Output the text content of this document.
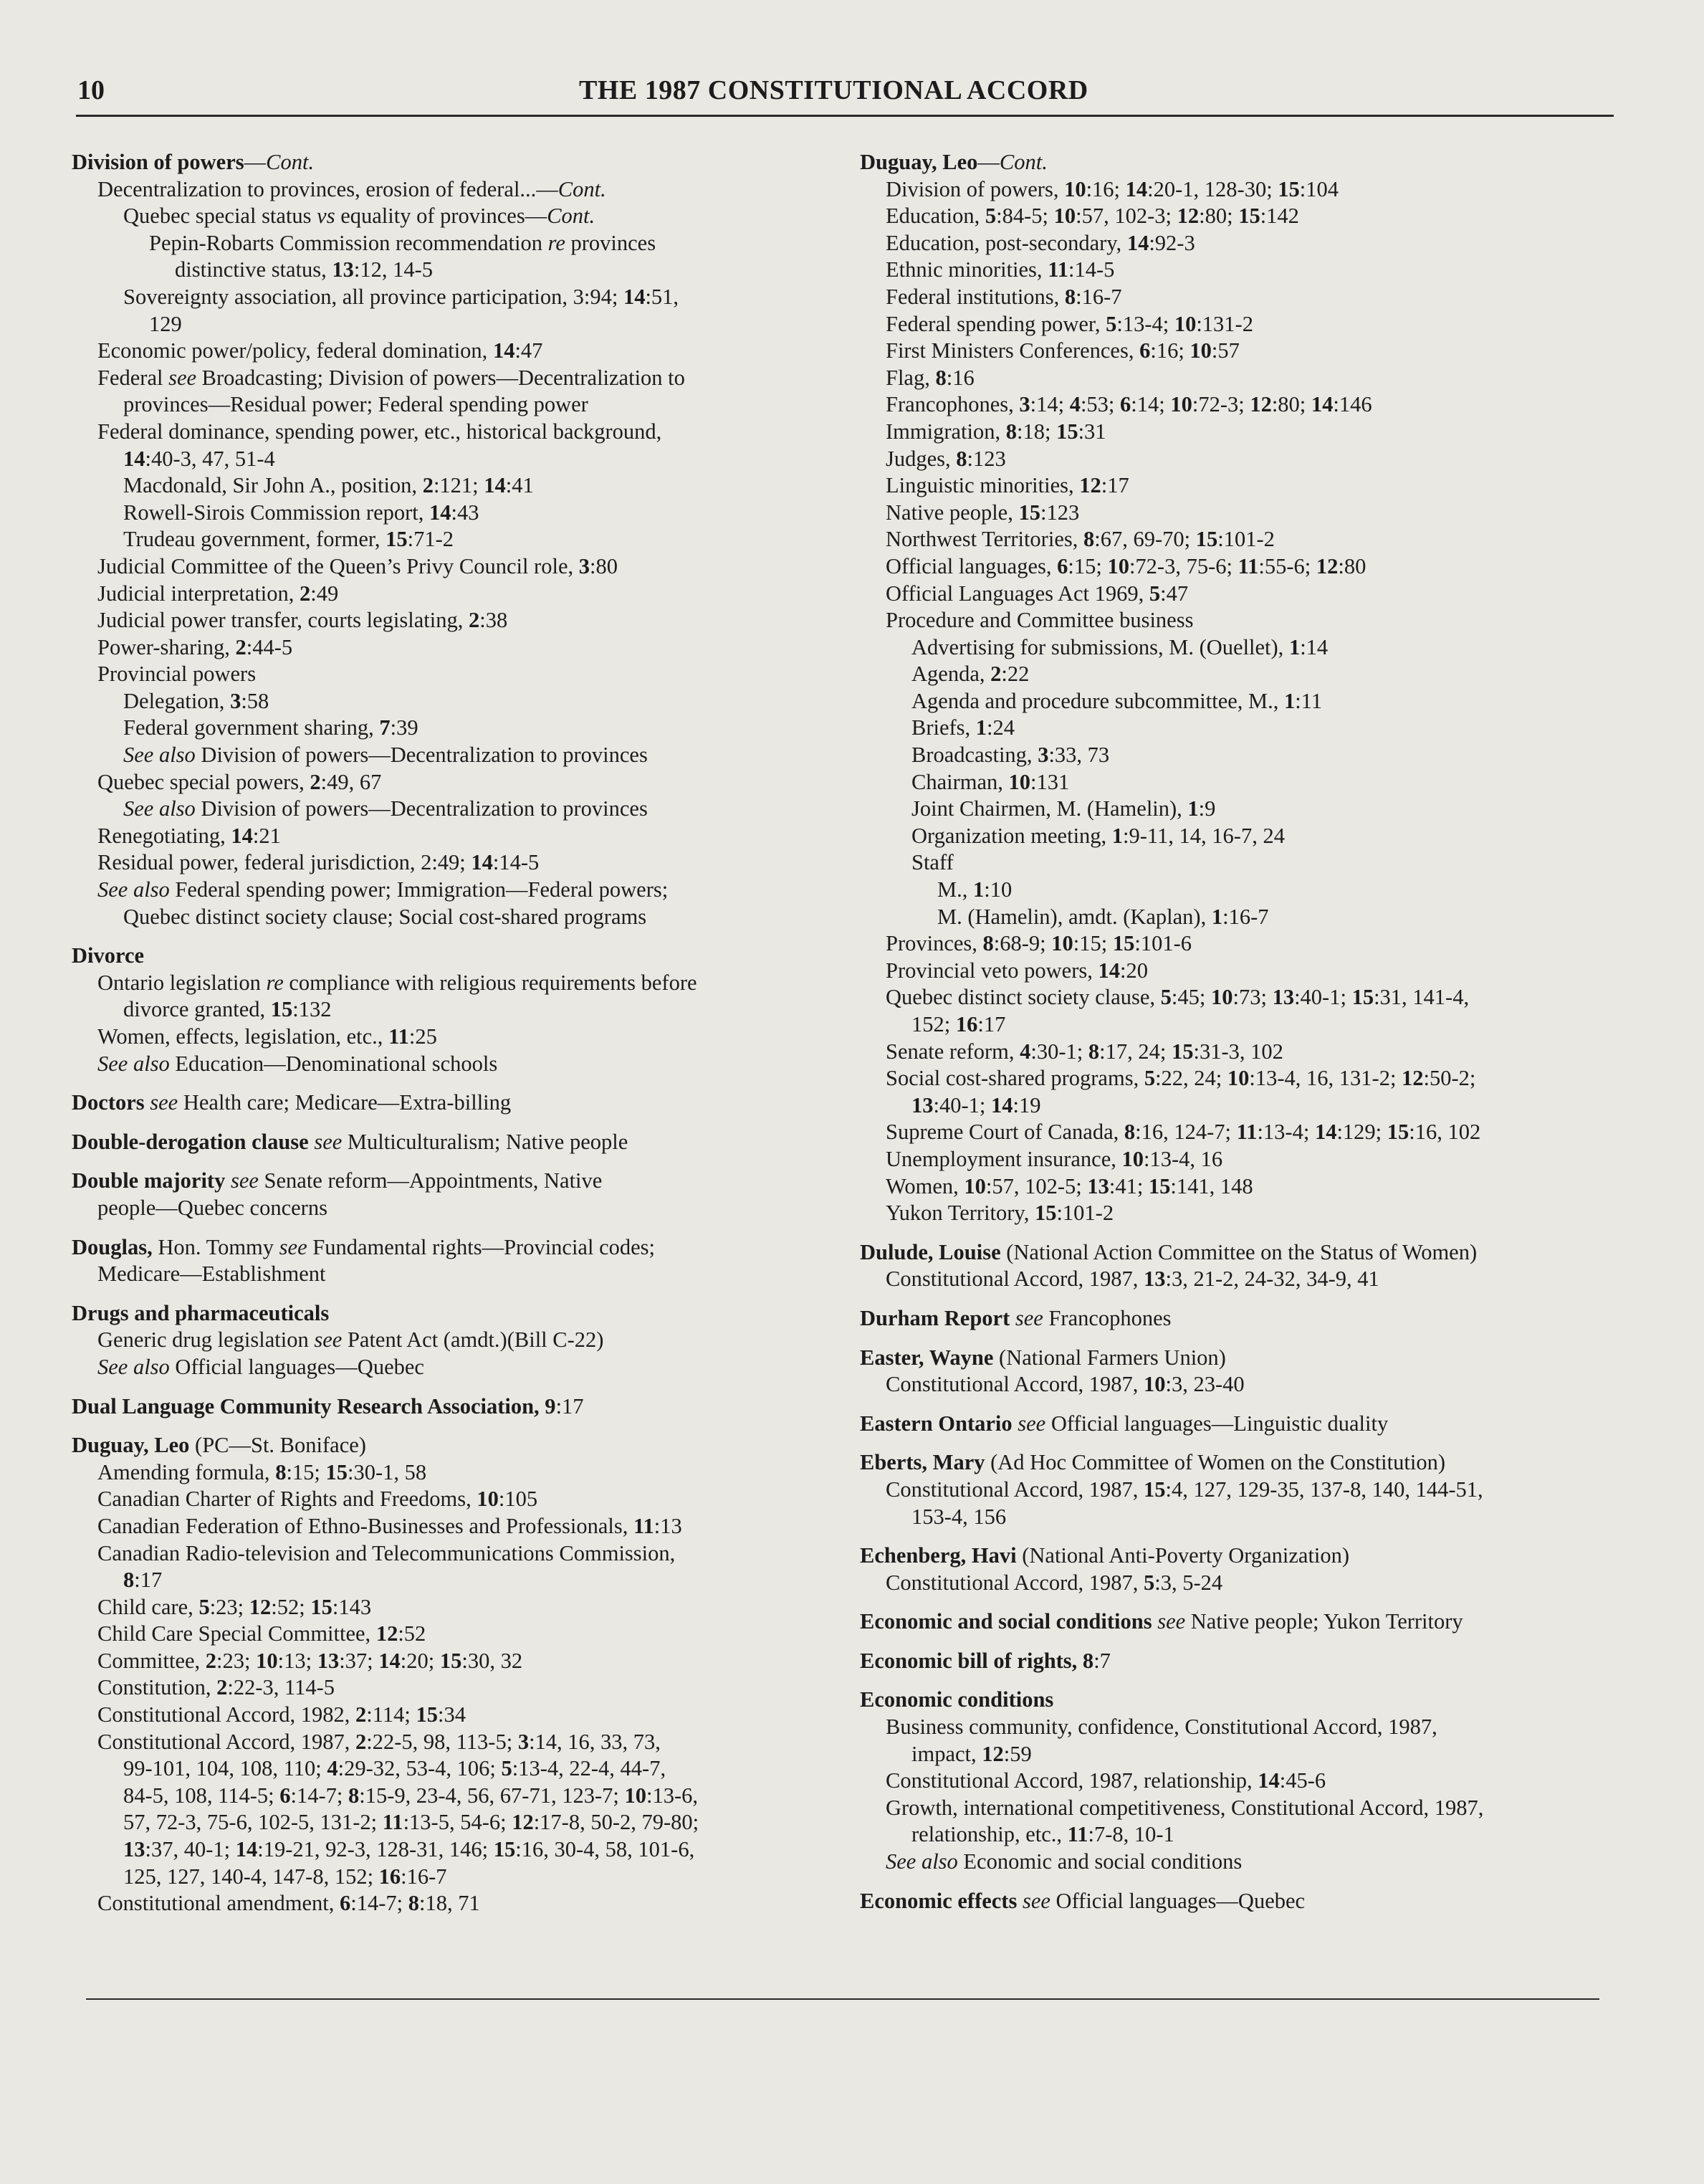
10	THE 1987 CONSTITUTIONAL ACCORD
Division of powers—Cont.
Decentralization to provinces, erosion of federal...—Cont.
Quebec special status vs equality of provinces—Cont.
Pepin-Robarts Commission recommendation re provinces
distinctive status, 13:12, 14-5
Sovereignty association, all province participation, 3:94; 14:51,
129
Economic power/policy, federal domination, 14:47
Federal see Broadcasting; Division of powers—Decentralization to
provinces—Residual power; Federal spending power
Federal dominance, spending power, etc., historical background,
14:40-3, 47, 51-4
Macdonald, Sir John A., position, 2:121; 14:41
Rowell-Sirois Commission report, 14:43
Trudeau government, former, 15:71-2
Judicial Committee of the Queen’s Privy Council role, 3:80
Judicial interpretation, 2:49
Judicial power transfer, courts legislating, 2:38
Power-sharing, 2:44-5
Provincial powers
Delegation, 3:58
Federal government sharing, 7:39
See also Division of powers—Decentralization to provinces
Quebec special powers, 2:49, 67
See also Division of powers—Decentralization to provinces
Renegotiating, 14:21
Residual power, federal jurisdiction, 2:49; 14:14-5
See also Federal spending power; Immigration—Federal powers;
Quebec distinct society clause; Social cost-shared programs
Divorce
Ontario legislation re compliance with religious requirements before
divorce granted, 15:132
Women, effects, legislation, etc., 11:25
See also Education—Denominational schools
Doctors see Health care; Medicare—Extra-billing
Double-derogation clause see Multiculturalism; Native people
Double majority see Senate reform—Appointments, Native
people—Quebec concerns
Douglas, Hon. Tommy see Fundamental rights—Provincial codes;
Medicare—Establishment
Drugs and pharmaceuticals
Generic drug legislation see Patent Act (amdt.)(Bill C-22)
See also Official languages—Quebec
Dual Language Community Research Association, 9:17
Duguay, Leo (PC—St. Boniface)
Amending formula, 8:15; 15:30-1, 58
Canadian Charter of Rights and Freedoms, 10:105
Canadian Federation of Ethno-Businesses and Professionals, 11:13
Canadian Radio-television and Telecommunications Commission,
8:17
Child care, 5:23; 12:52; 15:143
Child Care Special Committee, 12:52
Committee, 2:23; 10:13; 13:37; 14:20; 15:30, 32
Constitution, 2:22-3, 114-5
Constitutional Accord, 1982, 2:114; 15:34
Constitutional Accord, 1987, 2:22-5, 98, 113-5; 3:14, 16, 33, 73,
99-101, 104, 108, 110; 4:29-32, 53-4, 106; 5:13-4, 22-4, 44-7,
84-5, 108, 114-5; 6:14-7; 8:15-9, 23-4, 56, 67-71, 123-7; 10:13-6,
57, 72-3, 75-6, 102-5, 131-2; 11:13-5, 54-6; 12:17-8, 50-2, 79-80;
13:37, 40-1; 14:19-21, 92-3, 128-31, 146; 15:16, 30-4, 58, 101-6,
125, 127, 140-4, 147-8, 152; 16:16-7
Constitutional amendment, 6:14-7; 8:18, 71
Duguay, Leo—Cont.
Division of powers, 10:16; 14:20-1, 128-30; 15:104
Education, 5:84-5; 10:57, 102-3; 12:80; 15:142
Education, post-secondary, 14:92-3
Ethnic minorities, 11:14-5
Federal institutions, 8:16-7
Federal spending power, 5:13-4; 10:131-2
First Ministers Conferences, 6:16; 10:57
Flag, 8:16
Francophones, 3:14; 4:53; 6:14; 10:72-3; 12:80; 14:146
Immigration, 8:18; 15:31
Judges, 8:123
Linguistic minorities, 12:17
Native people, 15:123
Northwest Territories, 8:67, 69-70; 15:101-2
Official languages, 6:15; 10:72-3, 75-6; 11:55-6; 12:80
Official Languages Act 1969, 5:47
Procedure and Committee business
Advertising for submissions, M. (Ouellet), 1:14
Agenda, 2:22
Agenda and procedure subcommittee, M., 1:11
Briefs, 1:24
Broadcasting, 3:33, 73
Chairman, 10:131
Joint Chairmen, M. (Hamelin), 1:9
Organization meeting, 1:9-11, 14, 16-7, 24
Staff
M., 1:10
M. (Hamelin), amdt. (Kaplan), 1:16-7
Provinces, 8:68-9; 10:15; 15:101-6
Provincial veto powers, 14:20
Quebec distinct society clause, 5:45; 10:73; 13:40-1; 15:31, 141-4,
152; 16:17
Senate reform, 4:30-1; 8:17, 24; 15:31-3, 102
Social cost-shared programs, 5:22, 24; 10:13-4, 16, 131-2; 12:50-2;
13:40-1; 14:19
Supreme Court of Canada, 8:16, 124-7; 11:13-4; 14:129; 15:16, 102
Unemployment insurance, 10:13-4, 16
Women, 10:57, 102-5; 13:41; 15:141, 148
Yukon Territory, 15:101-2
Dulude, Louise (National Action Committee on the Status of Women)
Constitutional Accord, 1987, 13:3, 21-2, 24-32, 34-9, 41
Durham Report see Francophones
Easter, Wayne (National Farmers Union)
Constitutional Accord, 1987, 10:3, 23-40
Eastern Ontario see Official languages—Linguistic duality
Eberts, Mary (Ad Hoc Committee of Women on the Constitution)
Constitutional Accord, 1987, 15:4, 127, 129-35, 137-8, 140, 144-51,
153-4, 156
Echenberg, Havi (National Anti-Poverty Organization)
Constitutional Accord, 1987, 5:3, 5-24
Economic and social conditions see Native people; Yukon Territory
Economic bill of rights, 8:7
Economic conditions
Business community, confidence, Constitutional Accord, 1987,
impact, 12:59
Constitutional Accord, 1987, relationship, 14:45-6
Growth, international competitiveness, Constitutional Accord, 1987,
relationship, etc., 11:7-8, 10-1
See also Economic and social conditions
Economic effects see Official languages—Quebec
